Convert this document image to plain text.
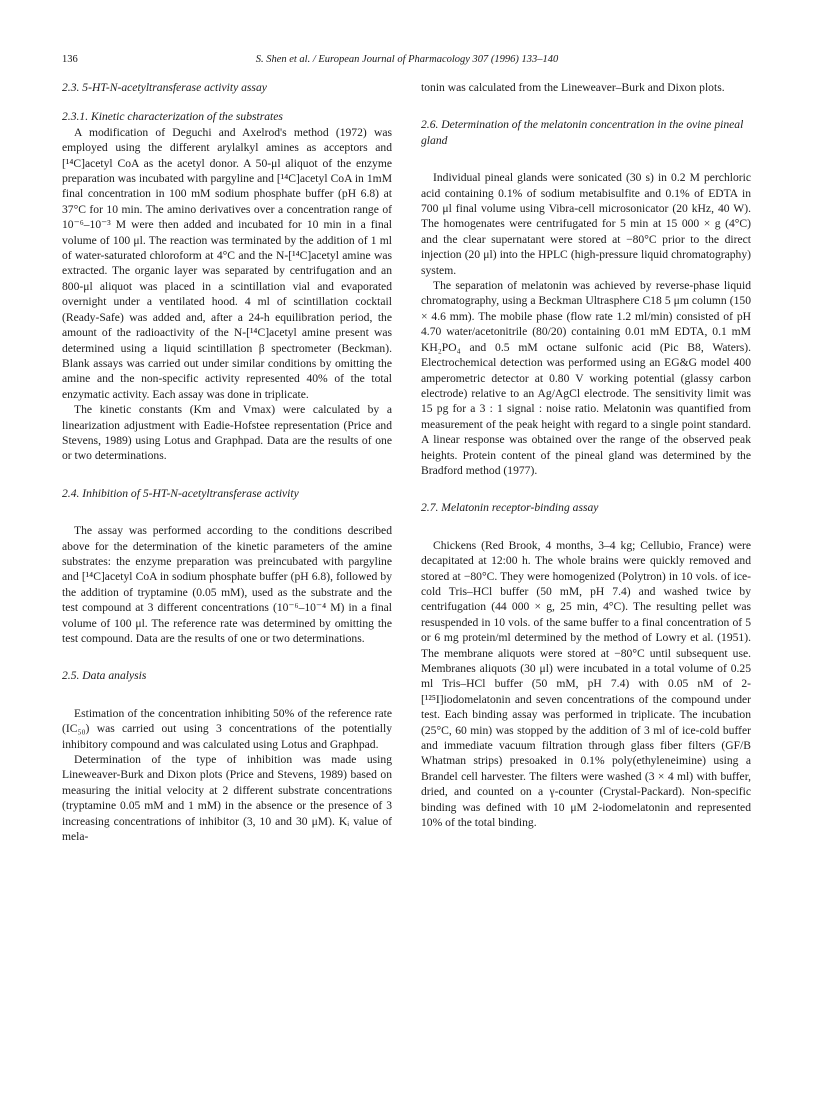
136	S. Shen et al. / European Journal of Pharmacology 307 (1996) 133–140

2.3. 5-HT-N-acetyltransferase activity assay

2.3.1. Kinetic characterization of the substrates

A modification of Deguchi and Axelrod's method (1972) was employed using the different arylalkyl amines as acceptors and [¹⁴C]acetyl CoA as the acetyl donor. A 50-μl aliquot of the enzyme preparation was incubated with pargyline and [¹⁴C]acetyl CoA in 1mM final concentration in 100 mM sodium phosphate buffer (pH 6.8) at 37°C for 10 min. The amino derivatives over a concentration range of 10⁻⁶–10⁻³ M were then added and incubated for 10 min in a final volume of 100 μl. The reaction was terminated by the addition of 1 ml of water-saturated chloroform at 4°C and the N-[¹⁴C]acetyl amine was extracted. The organic layer was separated by centrifugation and an 800-μl aliquot was placed in a scintillation vial and evaporated overnight under a ventilated hood. 4 ml of scintillation cocktail (Ready-Safe) was added and, after a 24-h equilibration period, the amount of the radioactivity of the N-[¹⁴C]acetyl amine present was determined using a liquid scintillation β spectrometer (Beckman). Blank assays was carried out under similar conditions by omitting the amine and the non-specific activity represented 40% of the total enzymatic activity. Each assay was done in triplicate.

The kinetic constants (Km and Vmax) were calculated by a linearization adjustment with Eadie-Hofstee representation (Price and Stevens, 1989) using Lotus and Graphpad. Data are the results of one or two determinations.

2.4. Inhibition of 5-HT-N-acetyltransferase activity

The assay was performed according to the conditions described above for the determination of the kinetic parameters of the amine substrates: the enzyme preparation was preincubated with pargyline and [¹⁴C]acetyl CoA in sodium phosphate buffer (pH 6.8), followed by the addition of tryptamine (0.05 mM), used as the substrate and the test compound at 3 different concentrations (10⁻⁶–10⁻⁴ M) in a final volume of 100 μl. The reference rate was determined by omitting the test compound. Data are the results of one or two determinations.

2.5. Data analysis

Estimation of the concentration inhibiting 50% of the reference rate (IC₅₀) was carried out using 3 concentrations of the potentially inhibitory compound and was calculated using Lotus and Graphpad.

Determination of the type of inhibition was made using Lineweaver-Burk and Dixon plots (Price and Stevens, 1989) based on measuring the initial velocity at 2 different substrate concentrations (tryptamine 0.05 mM and 1 mM) in the absence or the presence of 3 increasing concentrations of inhibitor (3, 10 and 30 μM). Kᵢ value of mela-

tonin was calculated from the Lineweaver–Burk and Dixon plots.

2.6. Determination of the melatonin concentration in the ovine pineal gland

Individual pineal glands were sonicated (30 s) in 0.2 M perchloric acid containing 0.1% of sodium metabisulfite and 0.1% of EDTA in 700 μl final volume using Vibra-cell microsonicator (20 kHz, 40 W). The homogenates were centrifugated for 5 min at 15 000 × g (4°C) and the clear supernatant were stored at −80°C prior to the direct injection (20 μl) into the HPLC (high-pressure liquid chromatography) system.

The separation of melatonin was achieved by reverse-phase liquid chromatography, using a Beckman Ultrasphere C18 5 μm column (150 × 4.6 mm). The mobile phase (flow rate 1.2 ml/min) consisted of pH 4.70 water/acetonitrile (80/20) containing 0.01 mM EDTA, 0.1 mM KH₂PO₄ and 0.5 mM octane sulfonic acid (Pic B8, Waters). Electrochemical detection was performed using an EG&G model 400 amperometric detector at 0.80 V working potential (glassy carbon electrode) relative to an Ag/AgCl electrode. The sensitivity limit was 15 pg for a 3 : 1 signal : noise ratio. Melatonin was quantified from measurement of the peak height with regard to a single point standard. A linear response was obtained over the range of the observed peak heights. Protein content of the pineal gland was determined by the Bradford method (1977).

2.7. Melatonin receptor-binding assay

Chickens (Red Brook, 4 months, 3–4 kg; Cellubio, France) were decapitated at 12:00 h. The whole brains were quickly removed and stored at −80°C. They were homogenized (Polytron) in 10 vols. of ice-cold Tris–HCl buffer (50 mM, pH 7.4) and washed twice by centrifugation (44 000 × g, 25 min, 4°C). The resulting pellet was resuspended in 10 vols. of the same buffer to a final concentration of 5 or 6 mg protein/ml determined by the method of Lowry et al. (1951). The membrane aliquots were stored at −80°C until subsequent use. Membranes aliquots (30 μl) were incubated in a total volume of 0.25 ml Tris–HCl buffer (50 mM, pH 7.4) with 0.05 nM of 2-[¹²⁵I]iodomelatonin and seven concentrations of the compound under test. Each binding assay was performed in triplicate. The incubation (25°C, 60 min) was stopped by the addition of 3 ml of ice-cold buffer and immediate vacuum filtration through glass fiber filters (GF/B Whatman strips) presoaked in 0.1% poly(ethyleneimine) using a Brandel cell harvester. The filters were washed (3 × 4 ml) with buffer, dried, and counted on a γ-counter (Crystal-Packard). Non-specific binding was defined with 10 μM 2-iodomelatonin and represented 10% of the total binding.
